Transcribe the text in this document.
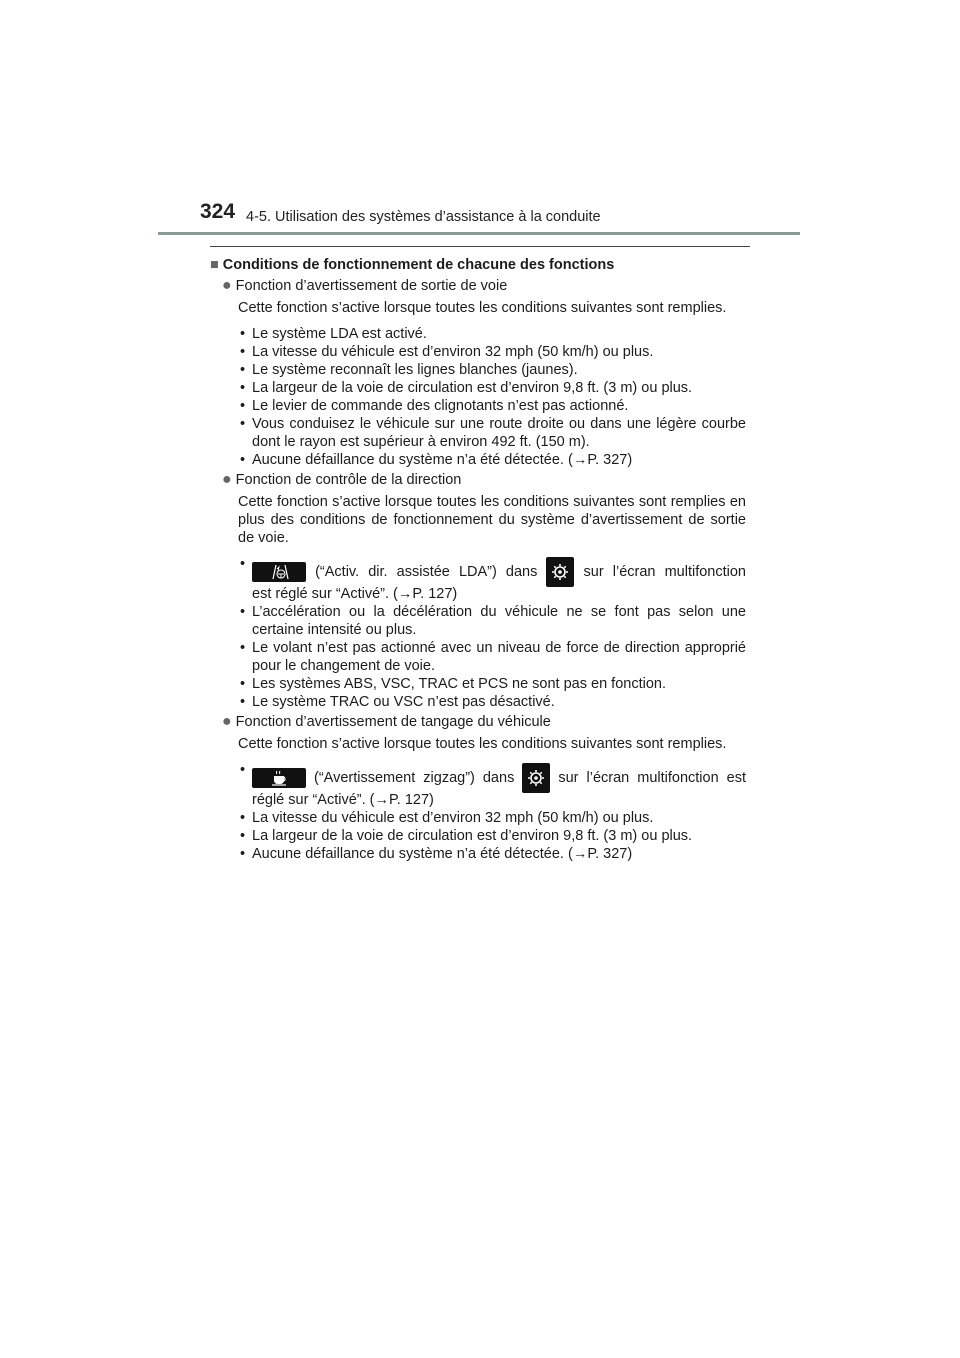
324 4-5. Utilisation des systèmes d’assistance à la conduite
■ Conditions de fonctionnement de chacune des fonctions
● Fonction d’avertissement de sortie de voie
Cette fonction s’active lorsque toutes les conditions suivantes sont remplies.
• Le système LDA est activé.
• La vitesse du véhicule est d’environ 32 mph (50 km/h) ou plus.
• Le système reconnaît les lignes blanches (jaunes).
• La largeur de la voie de circulation est d’environ 9,8 ft. (3 m) ou plus.
• Le levier de commande des clignotants n’est pas actionné.
• Vous conduisez le véhicule sur une route droite ou dans une légère courbe dont le rayon est supérieur à environ 492 ft. (150 m).
• Aucune défaillance du système n’a été détectée. (→P. 327)
● Fonction de contrôle de la direction
Cette fonction s’active lorsque toutes les conditions suivantes sont remplies en plus des conditions de fonctionnement du système d’avertissement de sortie de voie.
• (“Activ. dir. assistée LDA”) dans	sur l’écran multifonction
est réglé sur “Activé”. (→P. 127)
• L’accélération ou la décélération du véhicule ne se font pas selon une certaine intensité ou plus.
• Le volant n’est pas actionné avec un niveau de force de direction approprié pour le changement de voie.
• Les systèmes ABS, VSC, TRAC et PCS ne sont pas en fonction.
• Le système TRAC ou VSC n’est pas désactivé.
● Fonction d’avertissement de tangage du véhicule
Cette fonction s’active lorsque toutes les conditions suivantes sont remplies.
• (“Avertissement zigzag”) dans	sur l’écran multifonction est
réglé sur “Activé”. (→P. 127)
• La vitesse du véhicule est d’environ 32 mph (50 km/h) ou plus.
• La largeur de la voie de circulation est d’environ 9,8 ft. (3 m) ou plus.
• Aucune défaillance du système n’a été détectée. (→P. 327)
